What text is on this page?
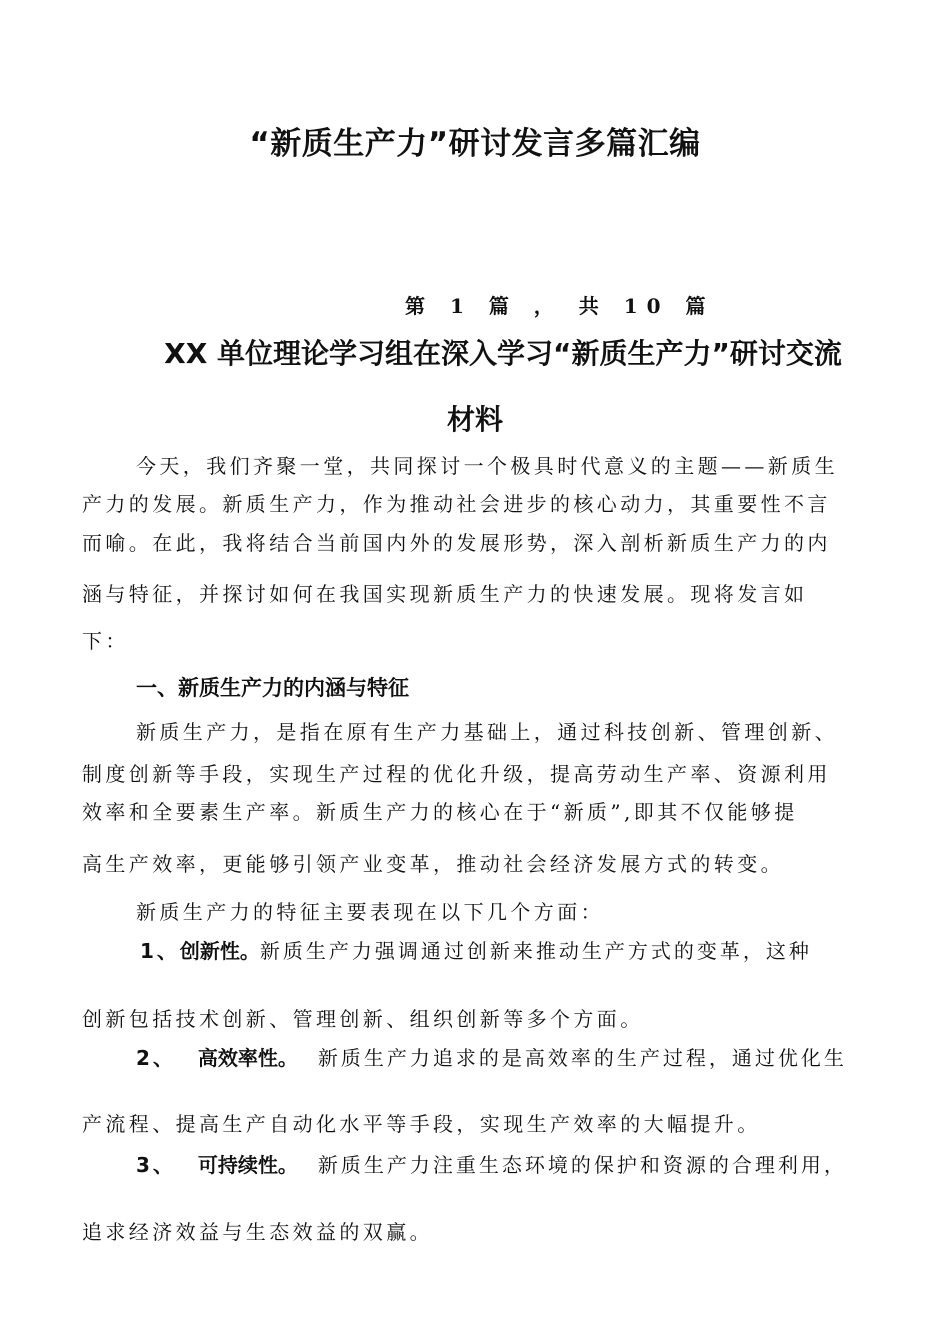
“新质生产力”研讨发言多篇汇编
第 1 篇 ， 共 10 篇
XX 单位理论学习组在深入学习“新质生产力”研讨交流
材料
今天，我们齐聚一堂，共同探讨一个极具时代意义的主题——新质生
产力的发展。新质生产力，作为推动社会进步的核心动力，其重要性不言
而喻。在此，我将结合当前国内外的发展形势，深入剖析新质生产力的内
涵与特征，并探讨如何在我国实现新质生产力的快速发展。现将发言如
下：
一、新质生产力的内涵与特征
新质生产力，是指在原有生产力基础上，通过科技创新、管理创新、
制度创新等手段，实现生产过程的优化升级，提高劳动生产率、资源利用
效率和全要素生产率。新质生产力的核心在于“新质”,即其不仅能够提
高生产效率，更能够引领产业变革，推动社会经济发展方式的转变。
新质生产力的特征主要表现在以下几个方面：
1、创新性。新质生产力强调通过创新来推动生产方式的变革，这种
创新包括技术创新、管理创新、组织创新等多个方面。
2、 高效率性。 新质生产力追求的是高效率的生产过程，通过优化生
产流程、提高生产自动化水平等手段，实现生产效率的大幅提升。
3、 可持续性。 新质生产力注重生态环境的保护和资源的合理利用，
追求经济效益与生态效益的双赢。
